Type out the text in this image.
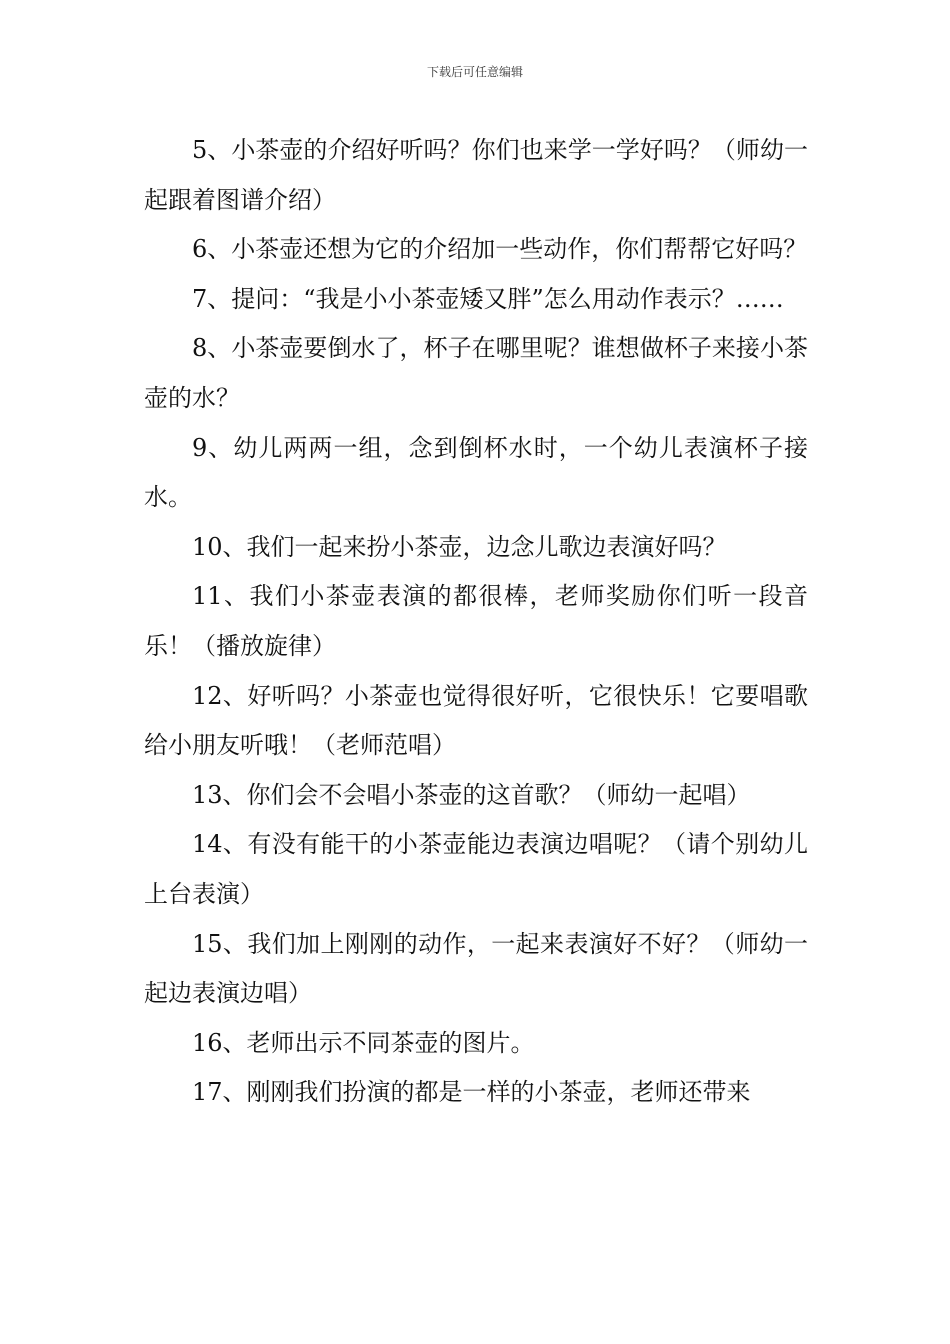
下载后可任意编辑

5、小茶壶的介绍好听吗？你们也来学一学好吗？（师幼一起跟着图谱介绍）

6、小茶壶还想为它的介绍加一些动作，你们帮帮它好吗？

7、提问：“我是小小茶壶矮又胖”怎么用动作表示？……

8、小茶壶要倒水了，杯子在哪里呢？谁想做杯子来接小茶壶的水？

9、幼儿两两一组，念到倒杯水时，一个幼儿表演杯子接水。

10、我们一起来扮小茶壶，边念儿歌边表演好吗？

11、我们小茶壶表演的都很棒，老师奖励你们听一段音乐！（播放旋律）

12、好听吗？小茶壶也觉得很好听，它很快乐！它要唱歌给小朋友听哦！（老师范唱）

13、你们会不会唱小茶壶的这首歌？（师幼一起唱）

14、有没有能干的小茶壶能边表演边唱呢？（请个别幼儿上台表演）

15、我们加上刚刚的动作，一起来表演好不好？（师幼一起边表演边唱）

16、老师出示不同茶壶的图片。

17、刚刚我们扮演的都是一样的小茶壶，老师还带来
